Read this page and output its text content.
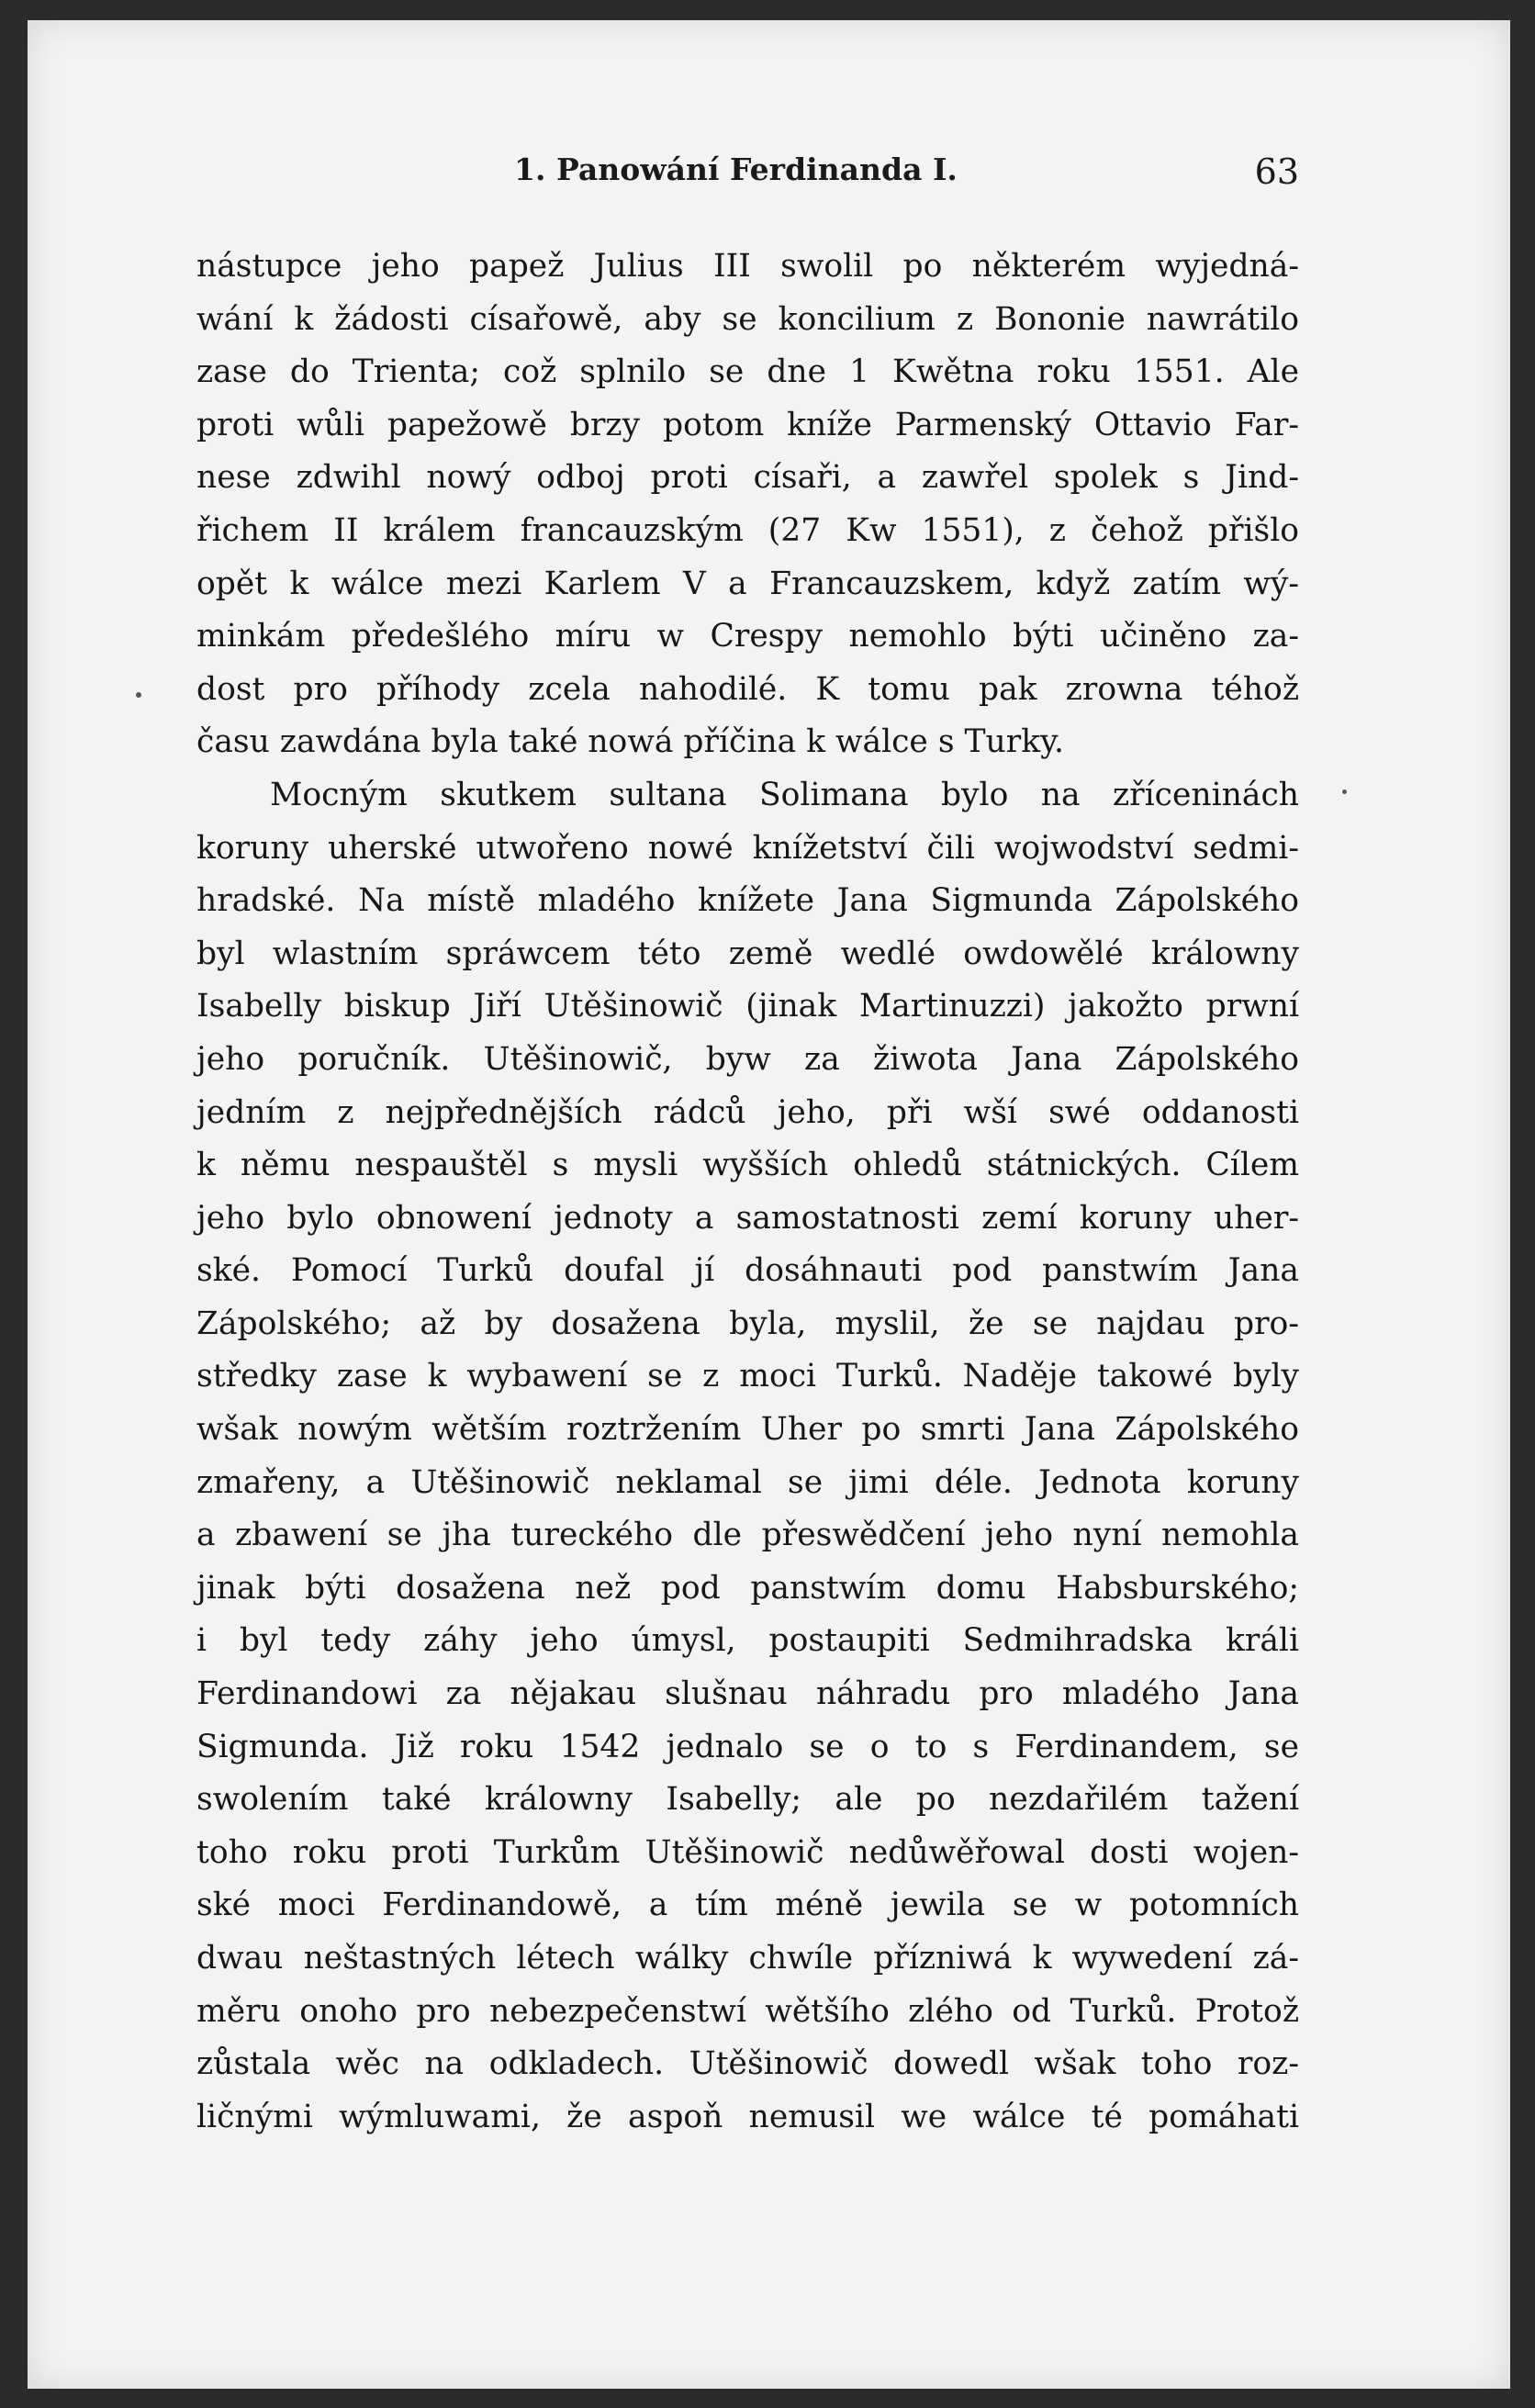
1. Panowání Ferdinanda I.	63
nástupce jeho papež Julius III swolil po některém wyjedná-
wání k žádosti císařowě, aby se koncilium z Bononie nawrátilo
zase do Trienta; což splnilo se dne 1 Kwětna roku 1551. Ale
proti wůli papežowě brzy potom kníže Parmenský Ottavio Far-
nese zdwihl nowý odboj proti císaři, a zawřel spolek s Jind-
řichem II králem francauzským (27 Kw 1551), z čehož přišlo
opět k wálce mezi Karlem V a Francauzskem, když zatím wý-
minkám předešlého míru w Crespy nemohlo býti učiněno za-
dost pro příhody zcela nahodilé. K tomu pak zrowna téhož
času zawdána byla také nowá příčina k wálce s Turky.
Mocným skutkem sultana Solimana bylo na zříceninách
koruny uherské utwořeno nowé knížetství čili wojwodství sedmi-
hradské. Na místě mladého knížete Jana Sigmunda Zápolského
byl wlastním spráwcem této země wedlé owdowělé králowny
Isabelly biskup Jiří Utěšinowič (jinak Martinuzzi) jakožto prwní
jeho poručník. Utěšinowič, byw za žiwota Jana Zápolského
jedním z nejpřednějších rádců jeho, při wší swé oddanosti
k němu nespauštěl s mysli wyšších ohledů státnických. Cílem
jeho bylo obnowení jednoty a samostatnosti zemí koruny uher-
ské. Pomocí Turků doufal jí dosáhnauti pod panstwím Jana
Zápolského; až by dosažena byla, myslil, že se najdau pro-
středky zase k wybawení se z moci Turků. Naděje takowé byly
wšak nowým wětším roztržením Uher po smrti Jana Zápolského
zmařeny, a Utěšinowič neklamal se jimi déle. Jednota koruny
a zbawení se jha tureckého dle přeswědčení jeho nyní nemohla
jinak býti dosažena než pod panstwím domu Habsburského;
i byl tedy záhy jeho úmysl, postaupiti Sedmihradska králi
Ferdinandowi za nějakau slušnau náhradu pro mladého Jana
Sigmunda. Již roku 1542 jednalo se o to s Ferdinandem, se
swolením také králowny Isabelly; ale po nezdařilém tažení
toho roku proti Turkům Utěšinowič nedůwěřowal dosti wojen-
ské moci Ferdinandowě, a tím méně jewila se w potomních
dwau neštastných létech wálky chwíle přízniwá k wywedení zá-
měru onoho pro nebezpečenstwí wětšího zlého od Turků. Protož
zůstala wěc na odkladech. Utěšinowič dowedl wšak toho roz-
ličnými wýmluwami, že aspoň nemusil we wálce té pomáhati
